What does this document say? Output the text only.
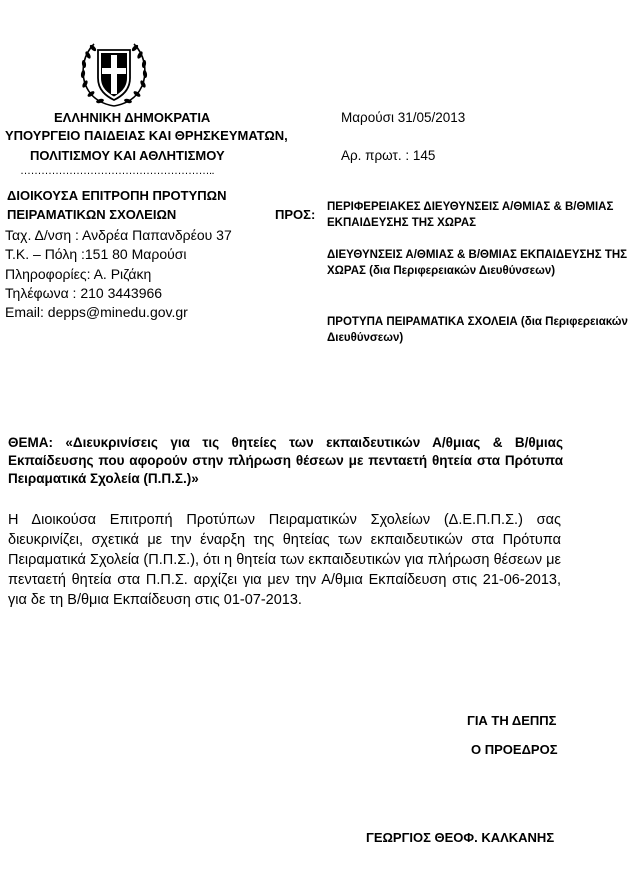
ΕΛΛΗΝΙΚΗ ΔΗΜΟΚΡΑΤΙΑ
ΥΠΟΥΡΓΕΙΟ ΠΑΙΔΕΙΑΣ ΚΑΙ ΘΡΗΣΚΕΥΜΑΤΩΝ,
ΠΟΛΙΤΙΣΜΟΥ ΚΑΙ ΑΘΛΗΤΙΣΜΟΥ
………………………………………………..
Μαρούσι 31/05/2013
Αρ. πρωτ. : 145
ΔΙΟΙΚΟΥΣΑ ΕΠΙΤΡΟΠΗ ΠΡΟΤΥΠΩΝ
ΠΕΙΡΑΜΑΤΙΚΩΝ ΣΧΟΛΕΙΩΝ
Ταχ. Δ/νση : Ανδρέα Παπανδρέου 37
Τ.Κ. – Πόλη :151 80 Μαρούσι
Πληροφορίες: Α. Ριζάκη
Τηλέφωνα : 210 3443966
Email: depps@minedu.gov.gr
ΠΡΟΣ: ΠΕΡΙΦΕΡΕΙΑΚΕΣ ΔΙΕΥΘΥΝΣΕΙΣ Α/ΘΜΙΑΣ & Β/ΘΜΙΑΣ ΕΚΠΑΙΔΕΥΣΗΣ ΤΗΣ ΧΩΡΑΣ
ΔΙΕΥΘΥΝΣΕΙΣ Α/ΘΜΙΑΣ & Β/ΘΜΙΑΣ ΕΚΠΑΙΔΕΥΣΗΣ ΤΗΣ ΧΩΡΑΣ (δια Περιφερειακών Διευθύνσεων)
ΠΡΟΤΥΠΑ ΠΕΙΡΑΜΑΤΙΚΑ ΣΧΟΛΕΙΑ (δια Περιφερειακών Διευθύνσεων)
ΘΕΜΑ: «Διευκρινίσεις για τις θητείες των εκπαιδευτικών Α/θμιας & Β/θμιας Εκπαίδευσης που αφορούν στην πλήρωση θέσεων με πενταετή θητεία στα Πρότυπα Πειραματικά Σχολεία (Π.Π.Σ.)»
Η Διοικούσα Επιτροπή Προτύπων Πειραματικών Σχολείων (Δ.Ε.Π.Π.Σ.) σας διευκρινίζει, σχετικά με την έναρξη της θητείας των εκπαιδευτικών στα Πρότυπα Πειραματικά Σχολεία (Π.Π.Σ.), ότι η θητεία των εκπαιδευτικών για πλήρωση θέσεων με πενταετή θητεία στα Π.Π.Σ. αρχίζει για μεν την Α/θμια Εκπαίδευση στις 21-06-2013, για δε τη Β/θμια Εκπαίδευση στις 01-07-2013.
ΓΙΑ ΤΗ ΔΕΠΠΣ
Ο ΠΡΟΕΔΡΟΣ
ΓΕΩΡΓΙΟΣ ΘΕΟΦ. ΚΑΛΚΑΝΗΣ
